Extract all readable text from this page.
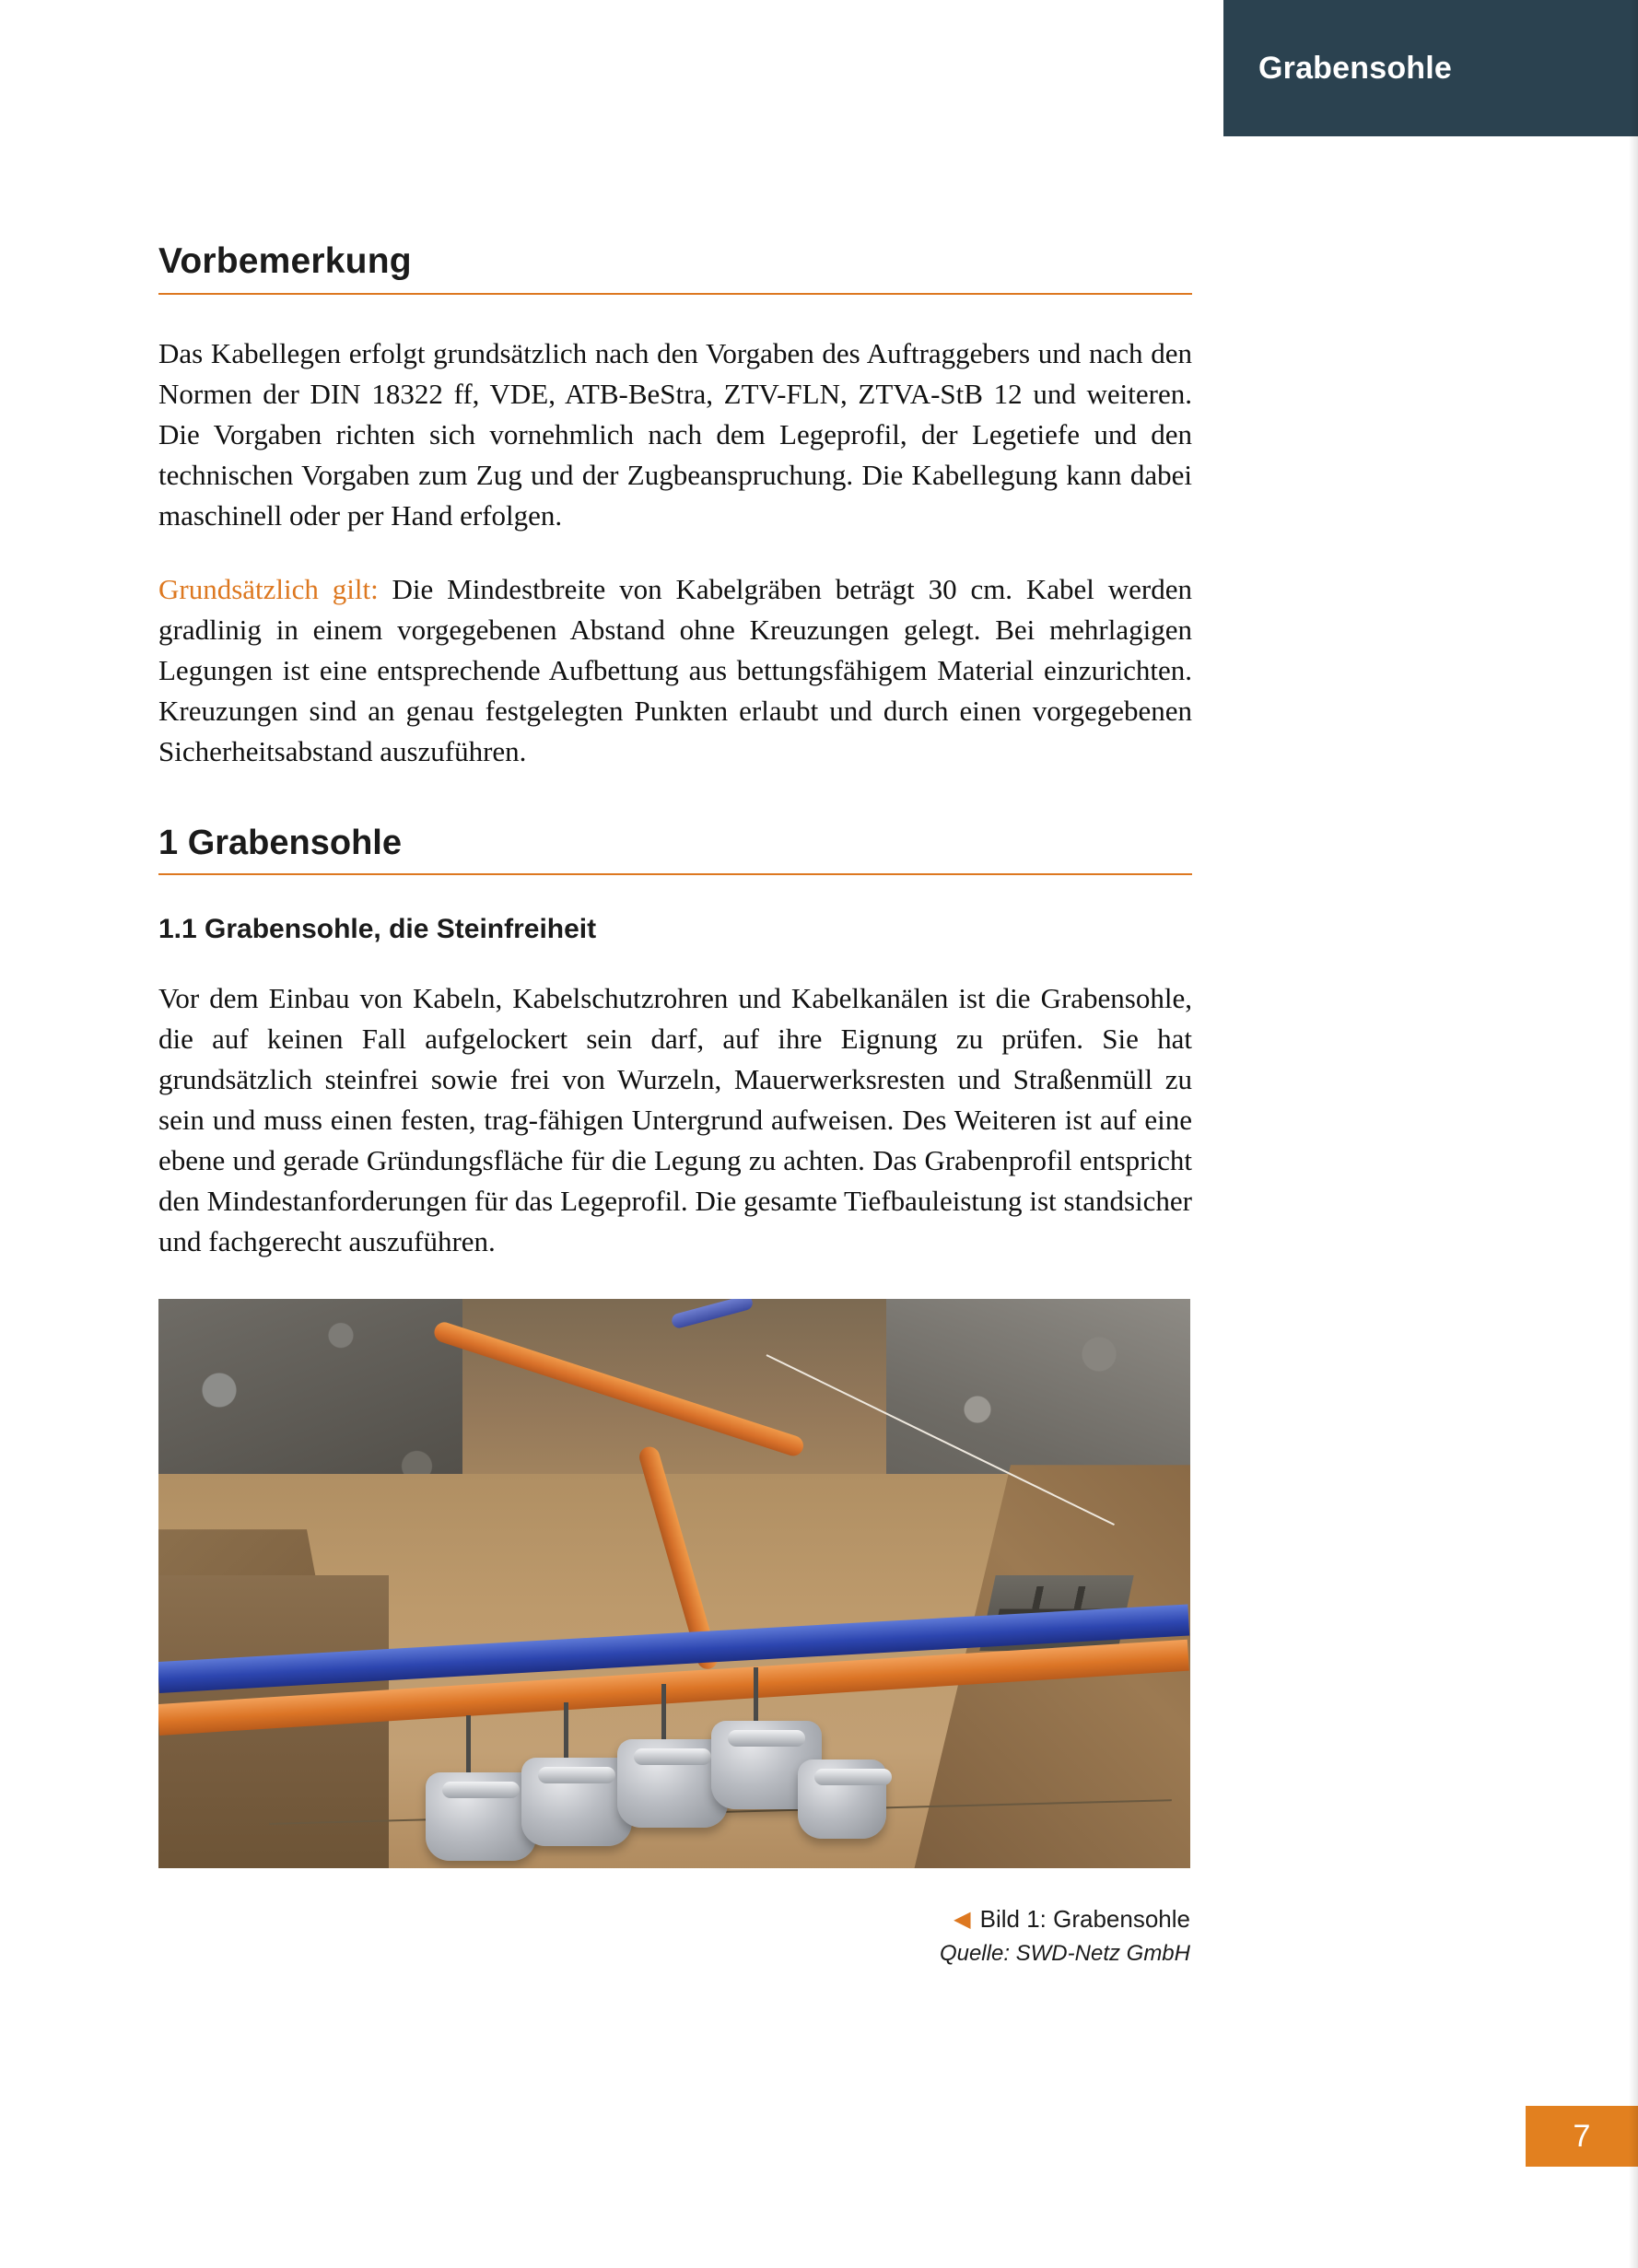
Grabensohle
Vorbemerkung

Das Kabellegen erfolgt grundsätzlich nach den Vorgaben des Auftraggebers und nach den Normen der DIN 18322 ff, VDE, ATB-BeStra, ZTV-FLN, ZTVA-StB 12 und weiteren. Die Vorgaben richten sich vornehmlich nach dem Legeprofil, der Legetiefe und den technischen Vorgaben zum Zug und der Zugbeanspruchung. Die Kabellegung kann dabei maschinell oder per Hand erfolgen.

Grundsätzlich gilt: Die Mindestbreite von Kabelgräben beträgt 30 cm. Kabel werden gradlinig in einem vorgegebenen Abstand ohne Kreuzungen gelegt. Bei mehrlagigen Legungen ist eine entsprechende Aufbettung aus bettungsfähigem Material einzurichten. Kreuzungen sind an genau festgelegten Punkten erlaubt und durch einen vorgegebenen Sicherheitsabstand auszuführen.

1 Grabensohle
1.1 Grabensohle, die Steinfreiheit

Vor dem Einbau von Kabeln, Kabelschutzrohren und Kabelkanälen ist die Grabensohle, die auf keinen Fall aufgelockert sein darf, auf ihre Eignung zu prüfen. Sie hat grundsätzlich steinfrei sowie frei von Wurzeln, Mauerwerksresten und Straßenmüll zu sein und muss einen festen, trag-fähigen Untergrund aufweisen. Des Weiteren ist auf eine ebene und gerade Gründungsfläche für die Legung zu achten. Das Grabenprofil entspricht den Mindestanforderungen für das Legeprofil. Die gesamte Tiefbauleistung ist standsicher und fachgerecht auszuführen.

◀ Bild 1: Grabensohle
Quelle: SWD-Netz GmbH
7
